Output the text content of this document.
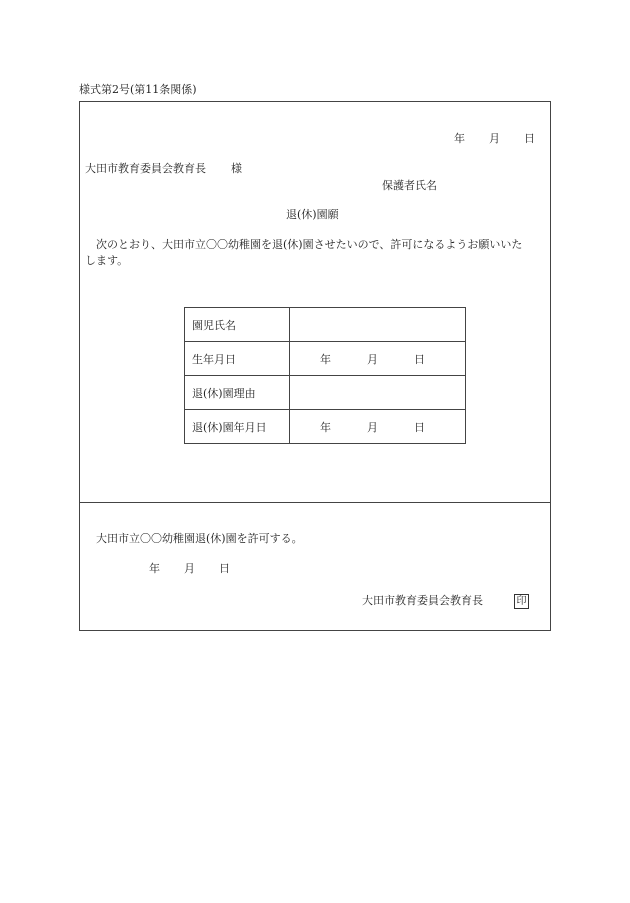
様式第2号(第11条関係)
年 月 日
大田市教育委員会教育長 様
保護者氏名
退(休)園願
次のとおり、大田市立〇〇幼稚園を退(休)園させたいので、許可になるようお願いいた
します。
園児氏名	
生年月日	年 月 日
退(休)園理由	
退(休)園年月日	年 月 日
大田市立〇〇幼稚園退(休)園を許可する。
年 月 日
大田市教育委員会教育長	印
